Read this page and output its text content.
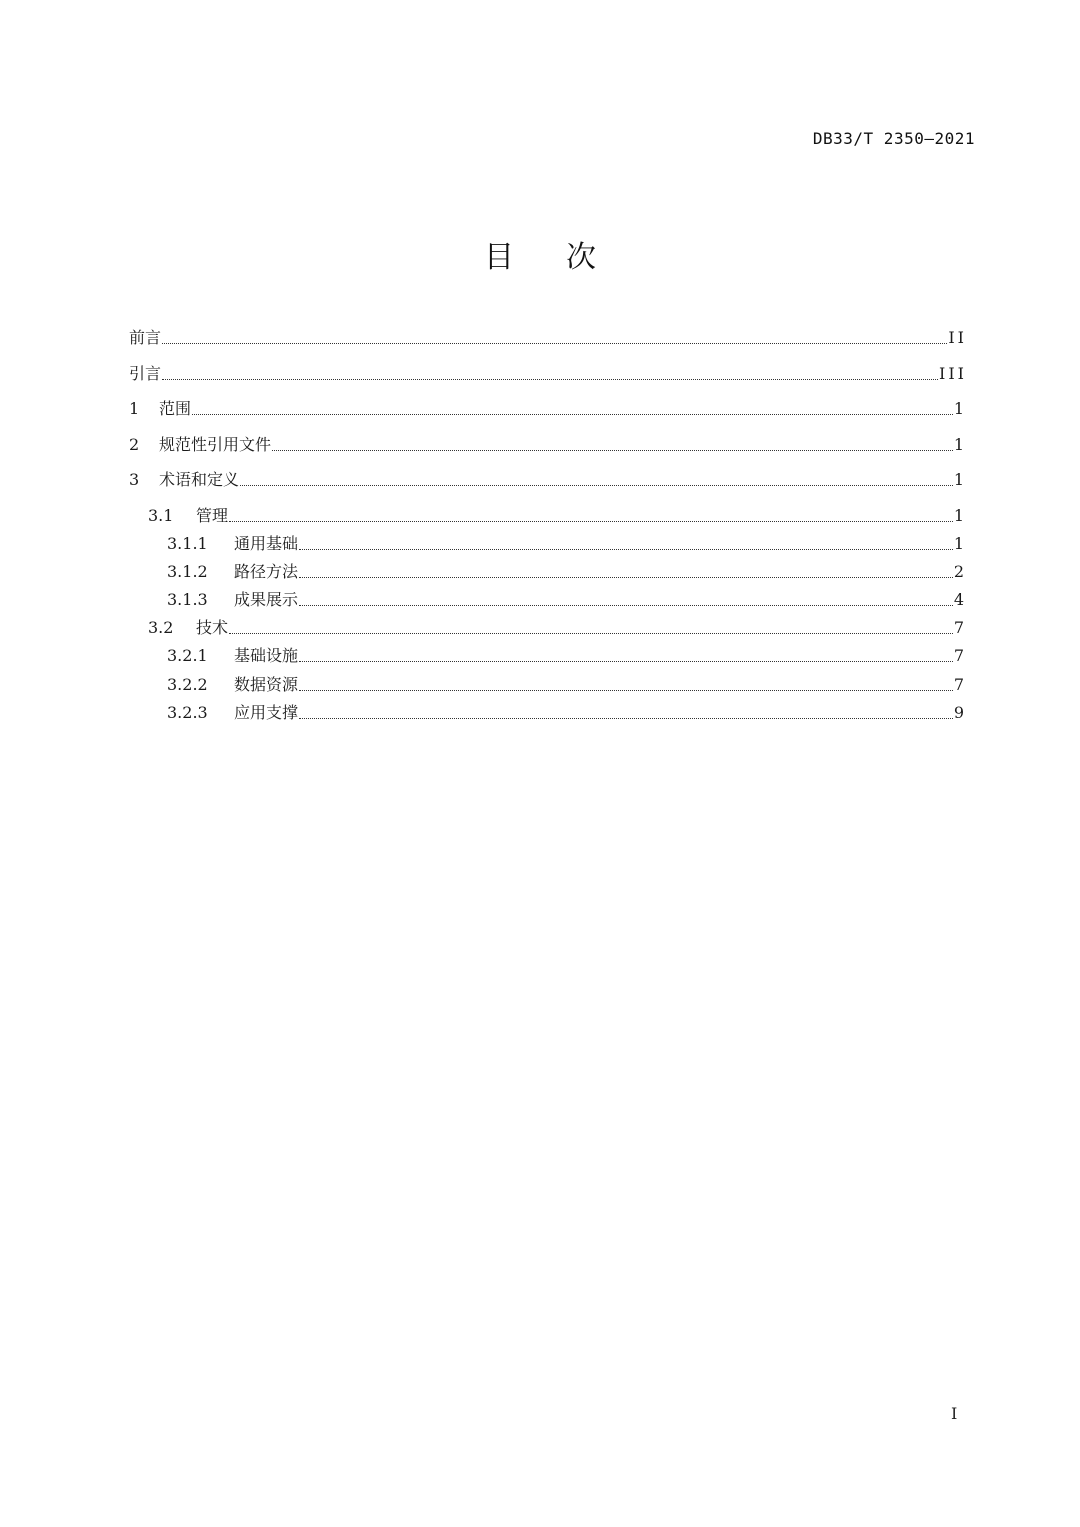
DB33/T 2350—2021
目次
前言	II
引言	III
1	范围	1
2	规范性引用文件	1
3	术语和定义	1
3.1	管理	1
3.1.1	通用基础	1
3.1.2	路径方法	2
3.1.3	成果展示	4
3.2	技术	7
3.2.1	基础设施	7
3.2.2	数据资源	7
3.2.3	应用支撑	9
I
